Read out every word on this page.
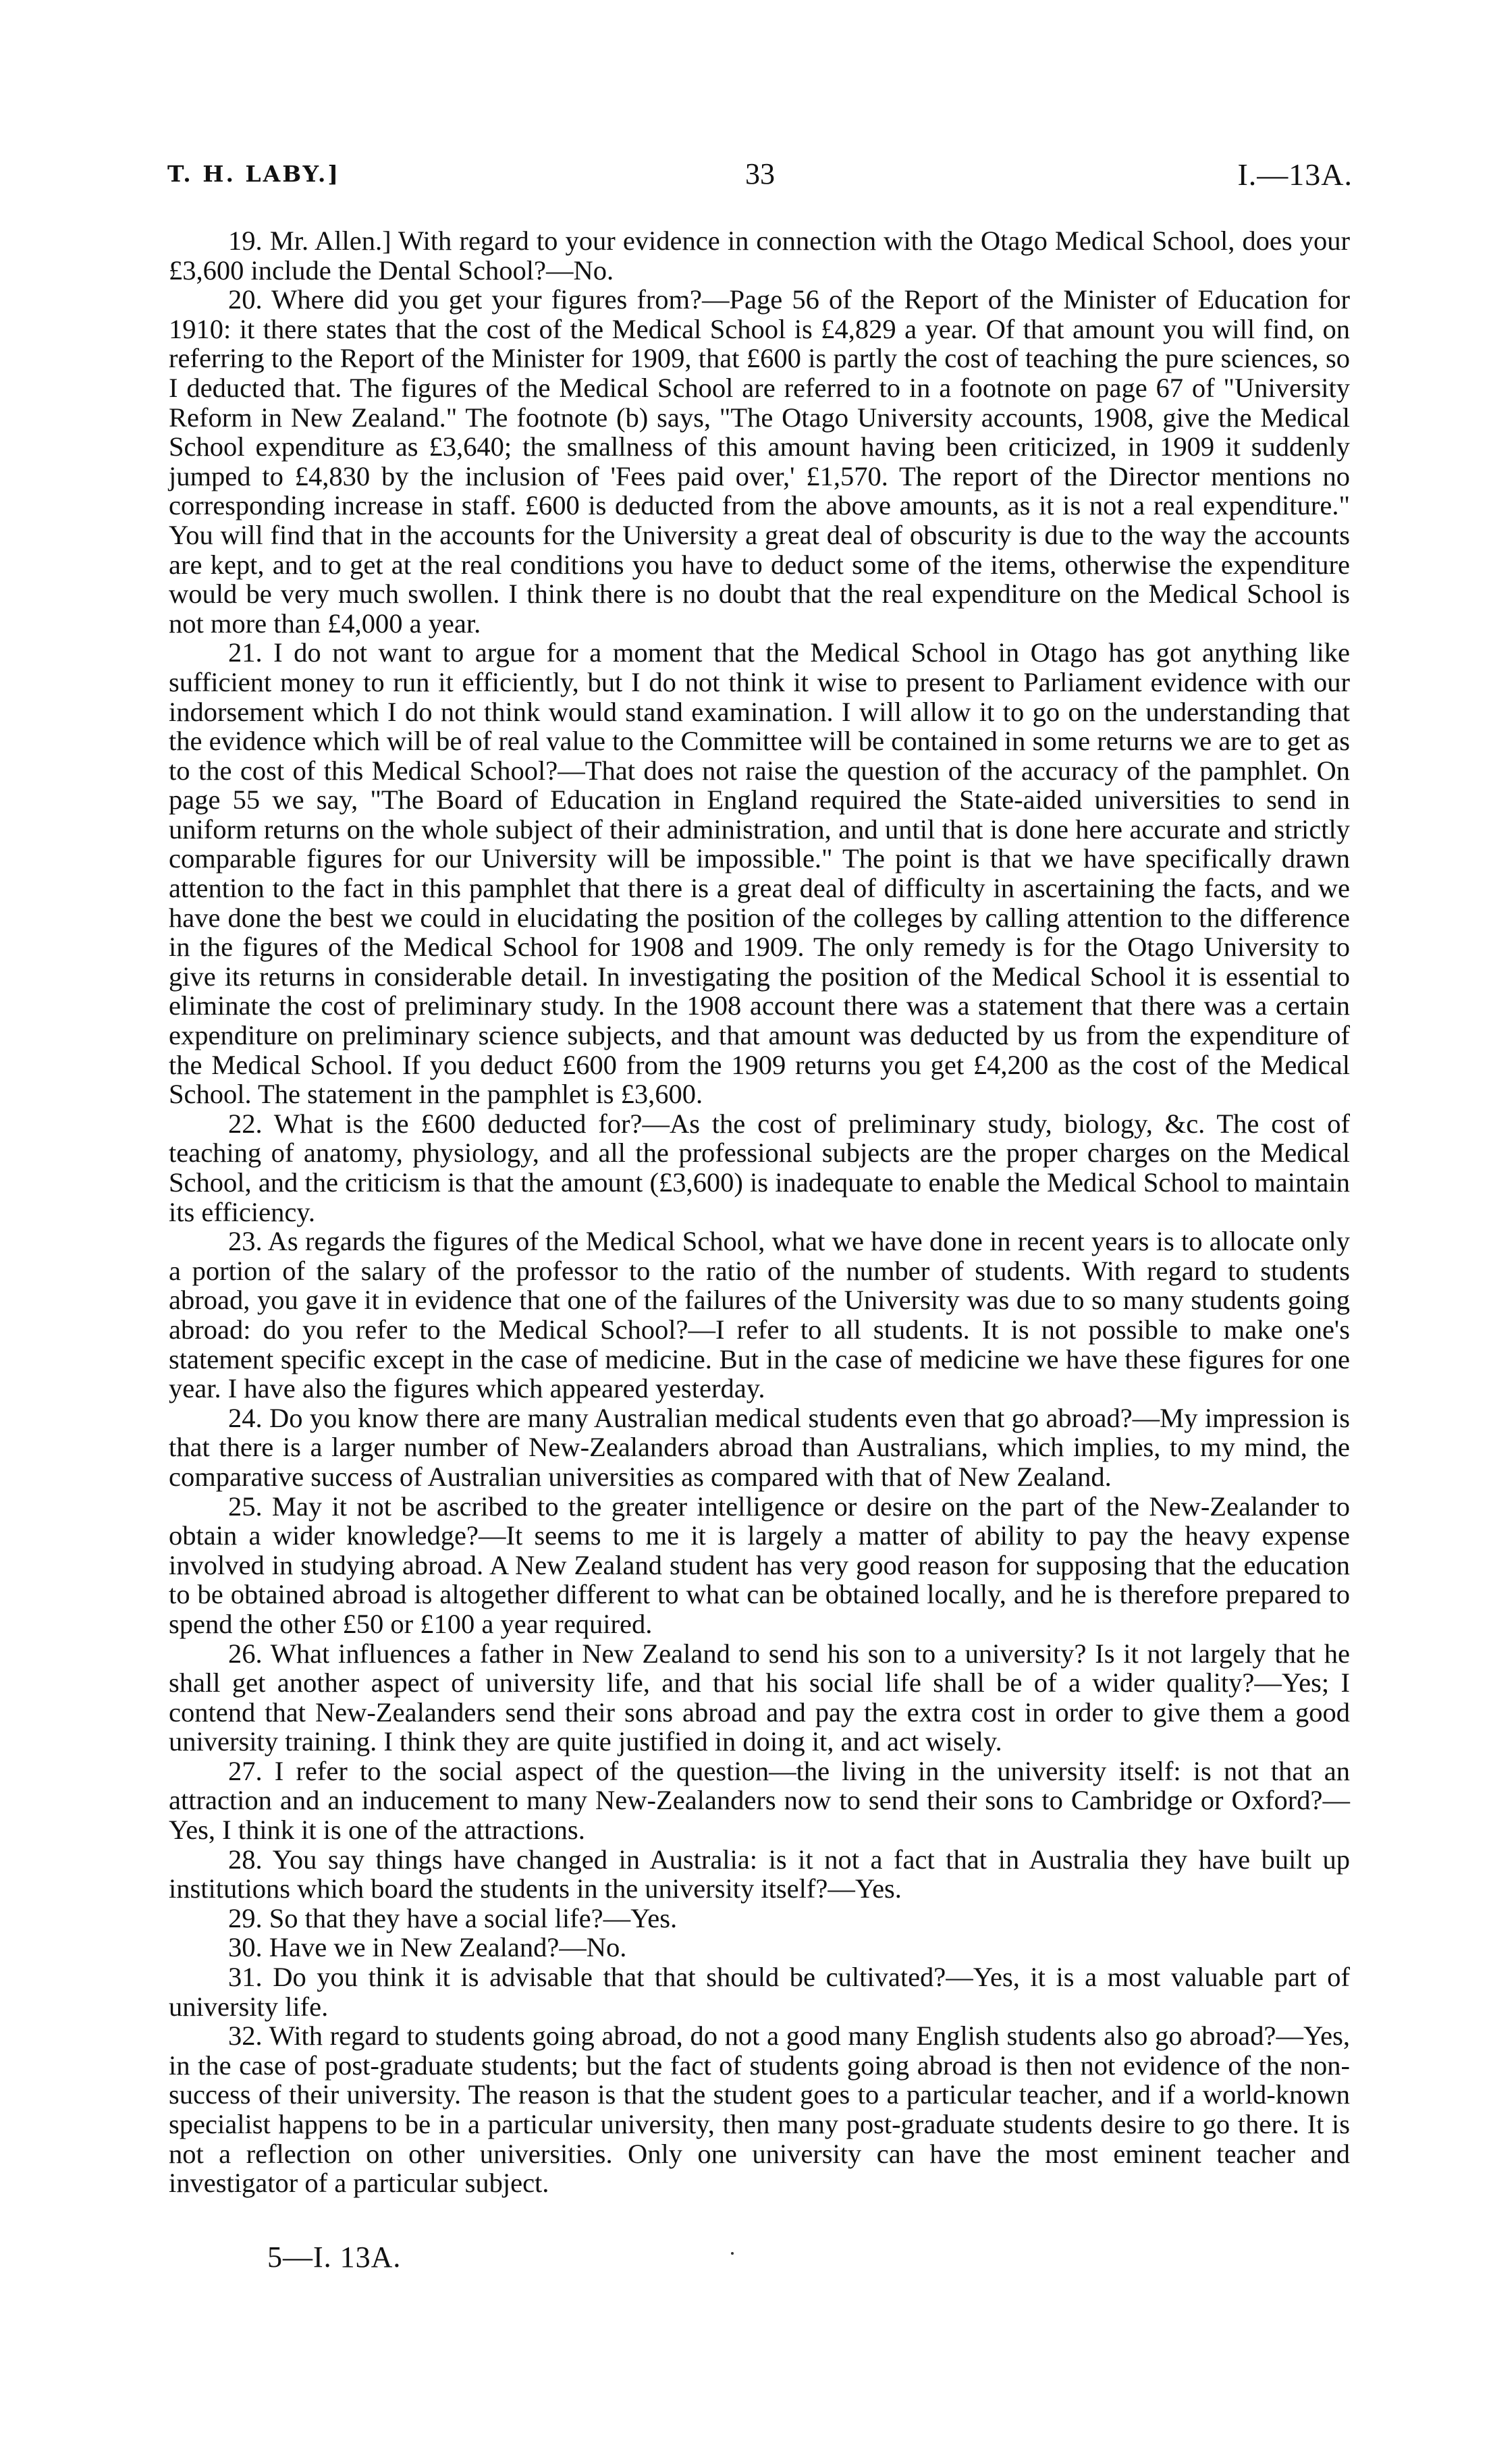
T. H. LABY.]	33	I.—13A.

19. Mr. Allen.] With regard to your evidence in connection with the Otago Medical School, does your £3,600 include the Dental School?—No.

20. Where did you get your figures from?—Page 56 of the Report of the Minister of Education for 1910: it there states that the cost of the Medical School is £4,829 a year. Of that amount you will find, on referring to the Report of the Minister for 1909, that £600 is partly the cost of teaching the pure sciences, so I deducted that. The figures of the Medical School are referred to in a footnote on page 67 of "University Reform in New Zealand." The footnote (b) says, "The Otago University accounts, 1908, give the Medical School expenditure as £3,640; the smallness of this amount having been criticized, in 1909 it suddenly jumped to £4,830 by the inclusion of 'Fees paid over,' £1,570. The report of the Director mentions no corresponding increase in staff. £600 is deducted from the above amounts, as it is not a real expenditure." You will find that in the accounts for the University a great deal of obscurity is due to the way the accounts are kept, and to get at the real conditions you have to deduct some of the items, otherwise the expenditure would be very much swollen. I think there is no doubt that the real expenditure on the Medical School is not more than £4,000 a year.

21. I do not want to argue for a moment that the Medical School in Otago has got anything like sufficient money to run it efficiently, but I do not think it wise to present to Parliament evidence with our indorsement which I do not think would stand examination. I will allow it to go on the understanding that the evidence which will be of real value to the Committee will be contained in some returns we are to get as to the cost of this Medical School?—That does not raise the question of the accuracy of the pamphlet. On page 55 we say, "The Board of Education in England required the State-aided universities to send in uniform returns on the whole subject of their administration, and until that is done here accurate and strictly comparable figures for our University will be impossible." The point is that we have specifically drawn attention to the fact in this pamphlet that there is a great deal of difficulty in ascertaining the facts, and we have done the best we could in elucidating the position of the colleges by calling attention to the difference in the figures of the Medical School for 1908 and 1909. The only remedy is for the Otago University to give its returns in considerable detail. In investigating the position of the Medical School it is essential to eliminate the cost of preliminary study. In the 1908 account there was a statement that there was a certain expenditure on preliminary science subjects, and that amount was deducted by us from the expenditure of the Medical School. If you deduct £600 from the 1909 returns you get £4,200 as the cost of the Medical School. The statement in the pamphlet is £3,600.

22. What is the £600 deducted for?—As the cost of preliminary study, biology, &c. The cost of teaching of anatomy, physiology, and all the professional subjects are the proper charges on the Medical School, and the criticism is that the amount (£3,600) is inadequate to enable the Medical School to maintain its efficiency.

23. As regards the figures of the Medical School, what we have done in recent years is to allocate only a portion of the salary of the professor to the ratio of the number of students. With regard to students abroad, you gave it in evidence that one of the failures of the University was due to so many students going abroad: do you refer to the Medical School?—I refer to all students. It is not possible to make one's statement specific except in the case of medicine. But in the case of medicine we have these figures for one year. I have also the figures which appeared yesterday.

24. Do you know there are many Australian medical students even that go abroad?—My impression is that there is a larger number of New-Zealanders abroad than Australians, which implies, to my mind, the comparative success of Australian universities as compared with that of New Zealand.

25. May it not be ascribed to the greater intelligence or desire on the part of the New-Zealander to obtain a wider knowledge?—It seems to me it is largely a matter of ability to pay the heavy expense involved in studying abroad. A New Zealand student has very good reason for supposing that the education to be obtained abroad is altogether different to what can be obtained locally, and he is therefore prepared to spend the other £50 or £100 a year required.

26. What influences a father in New Zealand to send his son to a university? Is it not largely that he shall get another aspect of university life, and that his social life shall be of a wider quality?—Yes; I contend that New-Zealanders send their sons abroad and pay the extra cost in order to give them a good university training. I think they are quite justified in doing it, and act wisely.

27. I refer to the social aspect of the question—the living in the university itself: is not that an attraction and an inducement to many New-Zealanders now to send their sons to Cambridge or Oxford?—Yes, I think it is one of the attractions.

28. You say things have changed in Australia: is it not a fact that in Australia they have built up institutions which board the students in the university itself?—Yes.

29. So that they have a social life?—Yes.

30. Have we in New Zealand?—No.

31. Do you think it is advisable that that should be cultivated?—Yes, it is a most valuable part of university life.

32. With regard to students going abroad, do not a good many English students also go abroad?—Yes, in the case of post-graduate students; but the fact of students going abroad is then not evidence of the non-success of their university. The reason is that the student goes to a particular teacher, and if a world-known specialist happens to be in a particular university, then many post-graduate students desire to go there. It is not a reflection on other universities. Only one university can have the most eminent teacher and investigator of a particular subject.

5—I. 13A.
